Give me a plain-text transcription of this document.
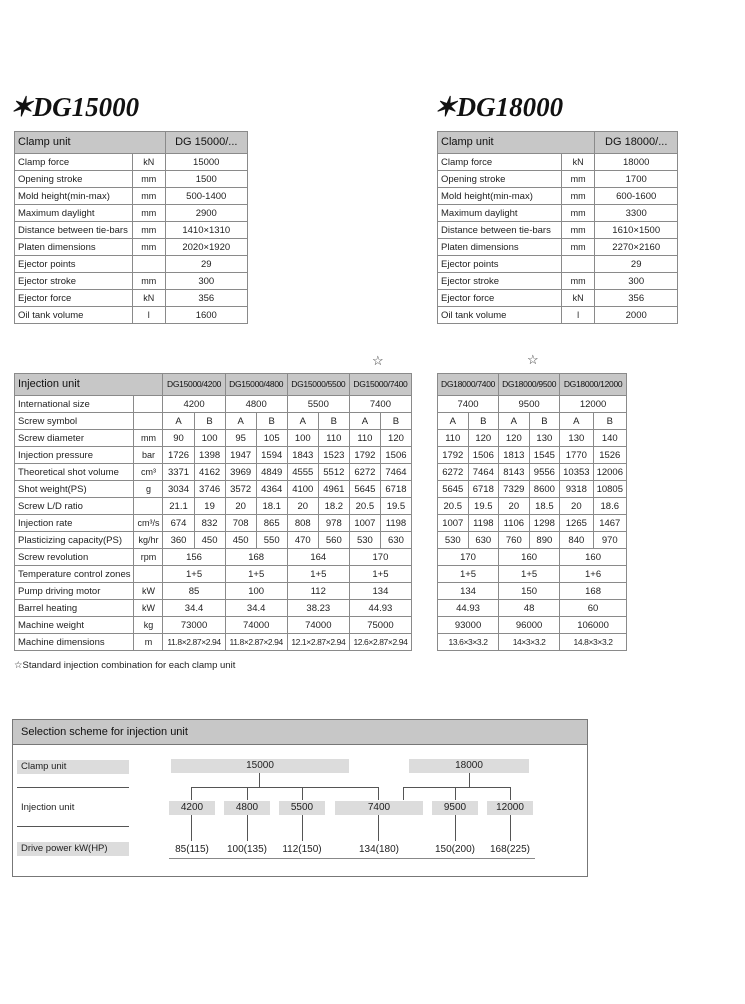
✶DG15000	✶DG18000
Clamp unit		DG 15000/...
Clamp force	kN	15000
Opening stroke	mm	1500
Mold height(min-max)	mm	500-1400
Maximum daylight	mm	2900
Distance between tie-bars	mm	1410×1310
Platen dimensions	mm	2020×1920
Ejector points		29
Ejector stroke	mm	300
Ejector force	kN	356
Oil tank volume	l	1600
Clamp unit		DG 18000/...
Clamp force	kN	18000
Opening stroke	mm	1700
Mold height(min-max)	mm	600-1600
Maximum daylight	mm	3300
Distance between tie-bars	mm	1610×1500
Platen dimensions	mm	2270×2160
Ejector points		29
Ejector stroke	mm	300
Ejector force	kN	356
Oil tank volume	l	2000
☆	☆
Injection unit		DG15000/4200		DG15000/4800		DG15000/5500		DG15000/7400	
International size		4200		4800		5500		7400	
Screw symbol		A	B	A	B	A	B	A	B
Screw diameter	mm	90	100	95	105	100	110	110	120
Injection pressure	bar	1726	1398	1947	1594	1843	1523	1792	1506
Theoretical shot volume	cm³	3371	4162	3969	4849	4555	5512	6272	7464
Shot weight(PS)	g	3034	3746	3572	4364	4100	4961	5645	6718
Screw L/D ratio		21.1	19	20	18.1	20	18.2	20.5	19.5
Injection rate	cm³/s	674	832	708	865	808	978	1007	1198
Plasticizing capacity(PS)	kg/hr	360	450	450	550	470	560	530	630
Screw revolution	rpm	156		168		164		170	
Temperature control zones		1+5		1+5		1+5		1+5	
Pump driving motor	kW	85		100		112		134	
Barrel heating	kW	34.4		34.4		38.23		44.93	
Machine weight	kg	73000		74000		74000		75000	
Machine dimensions	m	11.8×2.87×2.94		11.8×2.87×2.94		12.1×2.87×2.94		12.6×2.87×2.94	
DG18000/7400		DG18000/9500		DG18000/12000	
7400		9500		12000	
A	B	A	B	A	B
110	120	120	130	130	140
1792	1506	1813	1545	1770	1526
6272	7464	8143	9556	10353	12006
5645	6718	7329	8600	9318	10805
20.5	19.5	20	18.5	20	18.6
1007	1198	1106	1298	1265	1467
530	630	760	890	840	970
170		160		160	
1+5		1+5		1+6	
134		150		168	
44.93		48		60	
93000		96000		106000	
13.6×3×3.2		14×3×3.2		14.8×3×3.2	
☆Standard injection combination for each clamp unit
Selection scheme for injection unit
Clamp unit
Injection unit
Drive power kW(HP)
15000	18000
4200	4800	5500	7400	9500	12000
85(115)	100(135)	112(150)	134(180)	150(200)	168(225)
